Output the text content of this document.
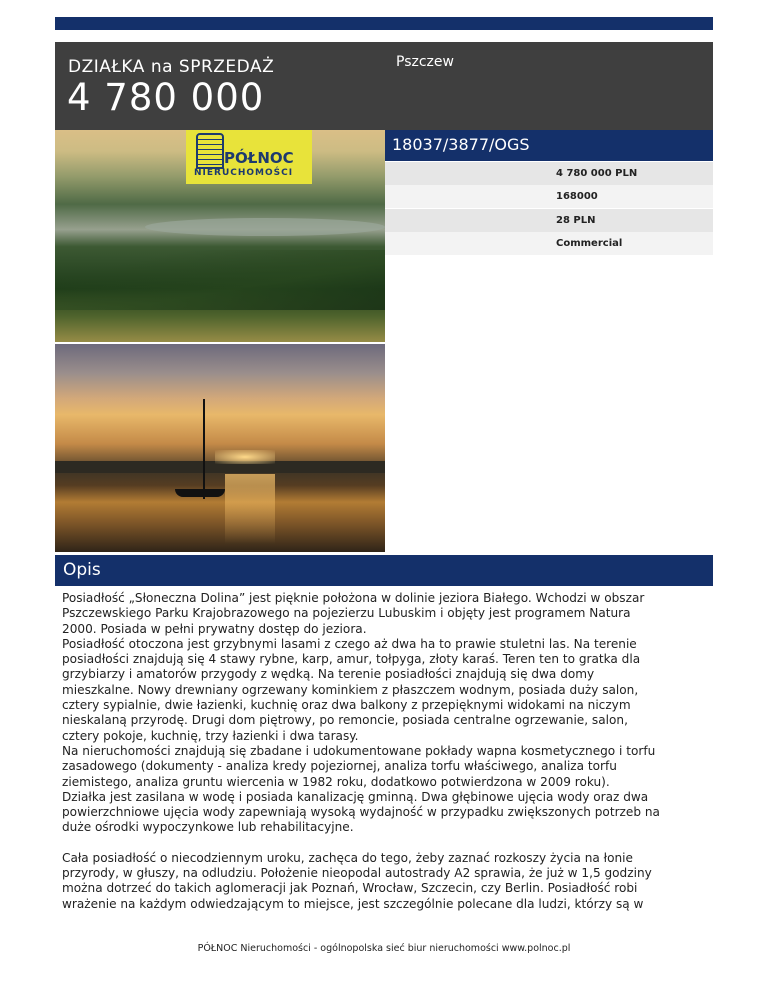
DZIAŁKA na SPRZEDAŻ
4 780 000
Pszczew
PÓŁNOC
NIERUCHOMOŚCI
18037/3877/OGS
4 780 000 PLN
168000
28 PLN
Commercial
Opis

Posiadłość „Słoneczna Dolina” jest pięknie położona w dolinie jeziora Białego. Wchodzi w obszar
Pszczewskiego Parku Krajobrazowego na pojezierzu Lubuskim i objęty jest programem Natura
2000. Posiada w pełni prywatny dostęp do jeziora.
Posiadłość otoczona jest grzybnymi lasami z czego aż dwa ha to prawie stuletni las. Na terenie
posiadłości znajdują się 4 stawy rybne, karp, amur, tołpyga, złoty karaś. Teren ten to gratka dla
grzybiarzy i amatorów przygody z wędką. Na terenie posiadłości znajdują się dwa domy
mieszkalne. Nowy drewniany ogrzewany kominkiem z płaszczem wodnym, posiada duży salon,
cztery sypialnie, dwie łazienki, kuchnię oraz dwa balkony z przepięknymi widokami na niczym
nieskalaną przyrodę. Drugi dom piętrowy, po remoncie, posiada centralne ogrzewanie, salon,
cztery pokoje, kuchnię, trzy łazienki i dwa tarasy.
Na nieruchomości znajdują się zbadane i udokumentowane pokłady wapna kosmetycznego i torfu
zasadowego (dokumenty - analiza kredy pojeziornej, analiza torfu właściwego, analiza torfu
ziemistego, analiza gruntu wiercenia w 1982 roku, dodatkowo potwierdzona w 2009 roku).
Działka jest zasilana w wodę i posiada kanalizację gminną. Dwa głębinowe ujęcia wody oraz dwa
powierzchniowe ujęcia wody zapewniają wysoką wydajność w przypadku zwiększonych potrzeb na
duże ośrodki wypoczynkowe lub rehabilitacyjne.

Cała posiadłość o niecodziennym uroku, zachęca do tego, żeby zaznać rozkoszy życia na łonie
przyrody, w głuszy, na odludziu. Położenie nieopodal autostrady A2 sprawia, że już w 1,5 godziny
można dotrzeć do takich aglomeracji jak Poznań, Wrocław, Szczecin, czy Berlin. Posiadłość robi
wrażenie na każdym odwiedzającym to miejsce, jest szczególnie polecane dla ludzi, którzy są w

PÓŁNOC Nieruchomości - ogólnopolska sieć biur nieruchomości www.polnoc.pl
